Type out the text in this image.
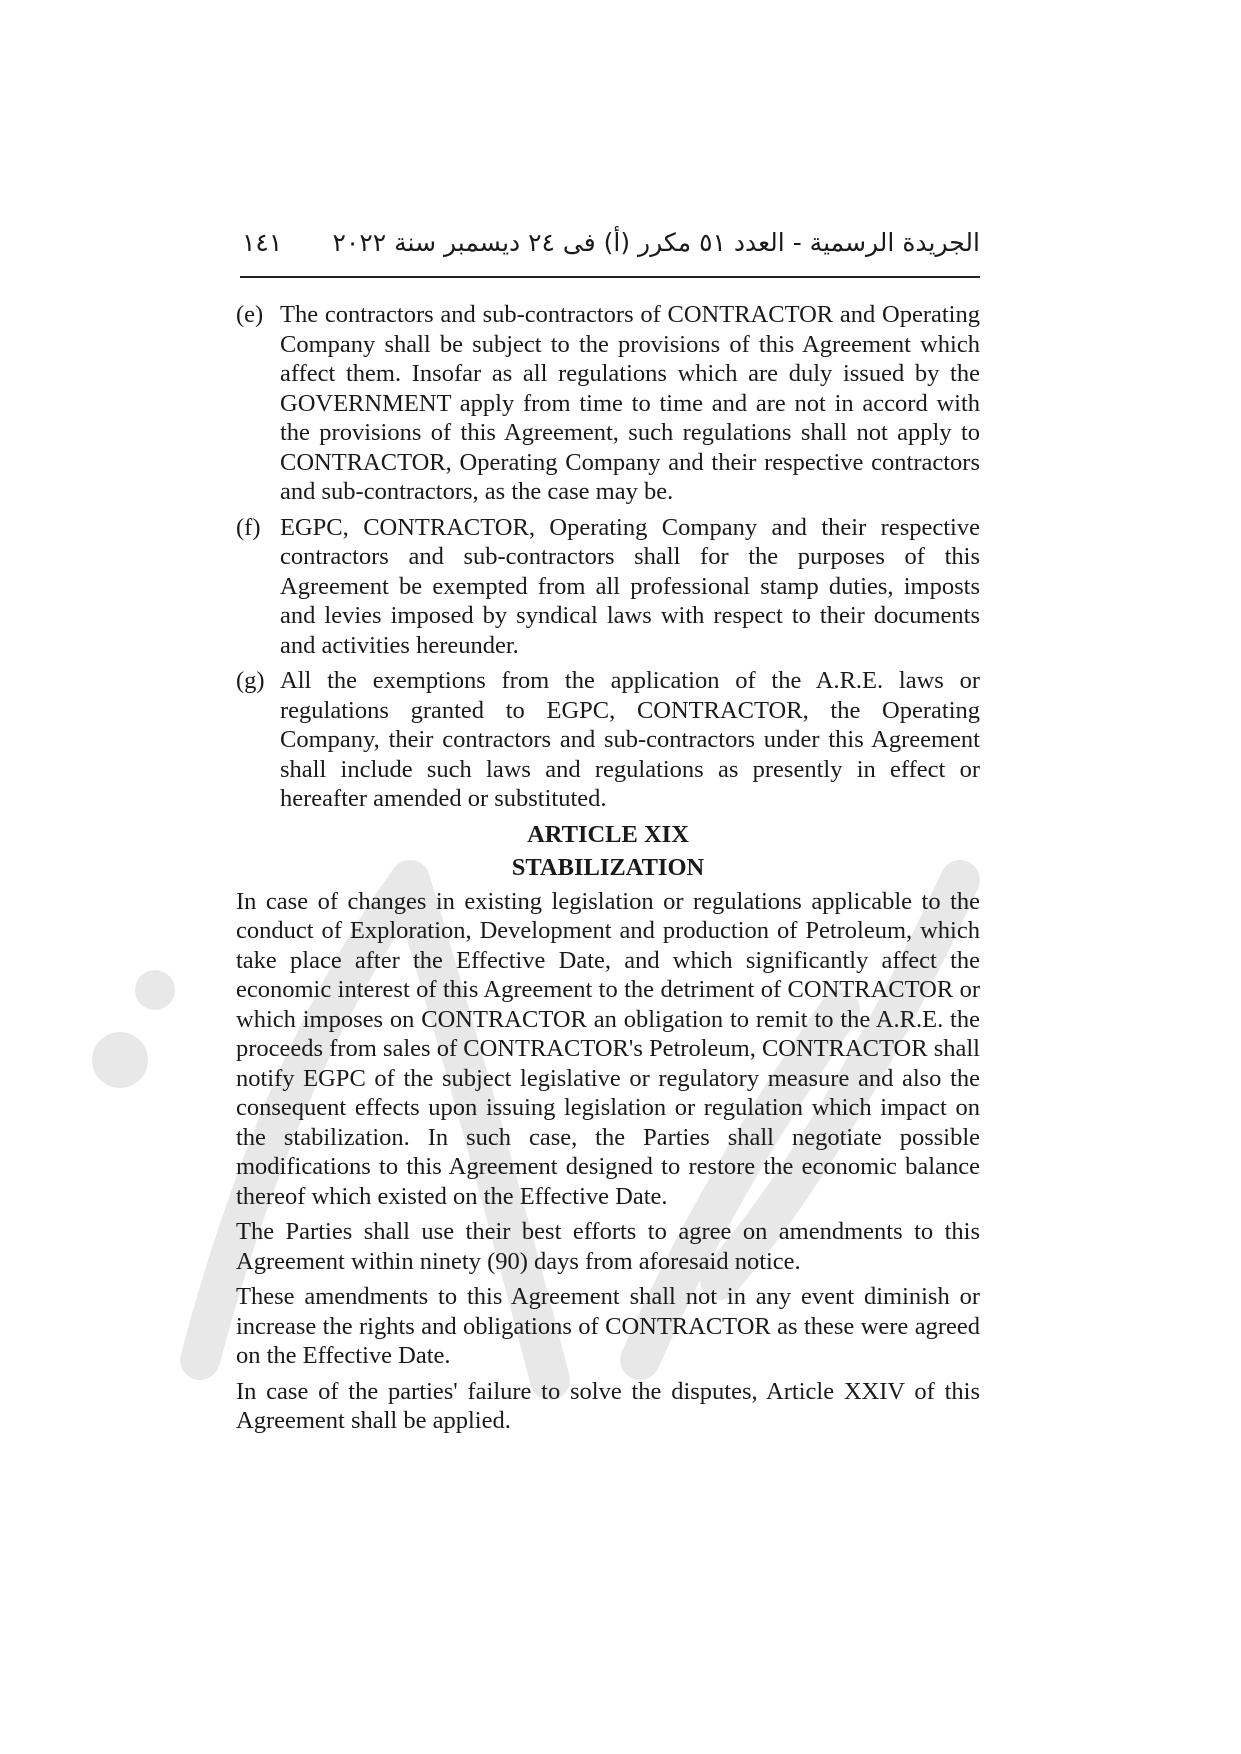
الجريدة الرسمية - العدد ٥١ مكرر (أ) فى ٢٤ ديسمبر سنة ٢٠٢٢
١٤١
(e) The contractors and sub-contractors of CONTRACTOR and Operating Company shall be subject to the provisions of this Agreement which affect them. Insofar as all regulations which are duly issued by the GOVERNMENT apply from time to time and are not in accord with the provisions of this Agreement, such regulations shall not apply to CONTRACTOR, Operating Company and their respective contractors and sub-contractors, as the case may be.
(f) EGPC, CONTRACTOR, Operating Company and their respective contractors and sub-contractors shall for the purposes of this Agreement be exempted from all professional stamp duties, imposts and levies imposed by syndical laws with respect to their documents and activities hereunder.
(g) All the exemptions from the application of the A.R.E. laws or regulations granted to EGPC, CONTRACTOR, the Operating Company, their contractors and sub-contractors under this Agreement shall include such laws and regulations as presently in effect or hereafter amended or substituted.
ARTICLE XIX
STABILIZATION

In case of changes in existing legislation or regulations applicable to the conduct of Exploration, Development and production of Petroleum, which take place after the Effective Date, and which significantly affect the economic interest of this Agreement to the detriment of CONTRACTOR or which imposes on CONTRACTOR an obligation to remit to the A.R.E. the proceeds from sales of CONTRACTOR's Petroleum, CONTRACTOR shall notify EGPC of the subject legislative or regulatory measure and also the consequent effects upon issuing legislation or regulation which impact on the stabilization. In such case, the Parties shall negotiate possible modifications to this Agreement designed to restore the economic balance thereof which existed on the Effective Date.

The Parties shall use their best efforts to agree on amendments to this Agreement within ninety (90) days from aforesaid notice.

These amendments to this Agreement shall not in any event diminish or increase the rights and obligations of CONTRACTOR as these were agreed on the Effective Date.

In case of the parties' failure to solve the disputes, Article XXIV of this Agreement shall be applied.
